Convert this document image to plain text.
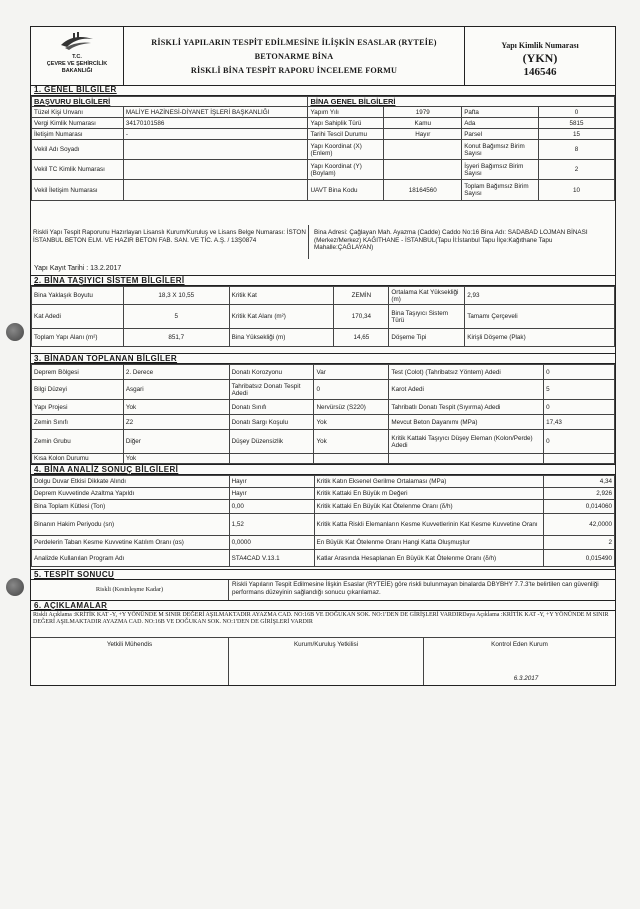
T.C.
ÇEVRE VE ŞEHİRCİLİK
BAKANLIĞI
RİSKLİ YAPILARIN TESPİT EDİLMESİNE İLİŞKİN ESASLAR (RYTEİE)
BETONARME BİNA
RİSKLİ BİNA TESPİT RAPORU İNCELEME FORMU
Yapı Kimlik Numarası
(YKN)
146546
1. GENEL BİLGİLER
BAŞVURU BİLGİLERİ		BİNA GENEL BİLGİLERİ			
Tüzel Kişi Unvanı	MALİYE HAZİNESİ-DİYANET İŞLERİ BAŞKANLIĞI	Yapım Yılı	1979	Pafta	0
Vergi Kimlik Numarası	34170101586	Yapı Sahiplik Türü	Kamu	Ada	5815
İletişim Numarası	-	Tarihi Tescil Durumu	Hayır	Parsel	15
Vekil Adı Soyadı		Yapı Koordinat (X) (Enlem)		Konut Bağımsız Birim Sayısı	8
Vekil TC Kimlik Numarası		Yapı Koordinat (Y) (Boylam)		İşyeri Bağımsız Birim Sayısı	2
Vekil İletişim Numarası		UAVT Bina Kodu	18164560	Toplam Bağımsız Birim Sayısı	10
Riskli Yapı Tespit Raporunu Hazırlayan Lisanslı Kurum/Kuruluş ve Lisans Belge Numarası: İSTON İSTANBUL BETON ELM. VE HAZIR BETON FAB. SAN. VE TİC. A.Ş. / 13Ş0874
Bina Adresi: Çağlayan Mah. Ayazma (Cadde) Caddo No:16 Bina Adı: SADABAD LOJMAN BİNASI (Merkez/Merkez) KAĞITHANE - İSTANBUL(Tapu İl:İstanbul Tapu İlçe:Kağıthane Tapu Mahalle:ÇAĞLAYAN)
Yapı Kayıt Tarihi : 13.2.2017
2. BİNA TAŞIYICI SİSTEM BİLGİLERİ
Bina Yaklaşık Boyutu	18,3 X 10,55	Kritik Kat	ZEMİN	Ortalama Kat Yüksekliği (m)	2,93
Kat Adedi	5	Kritik Kat Alanı (m²)	170,34	Bina Taşıyıcı Sistem Türü	Tamamı Çerçeveli
Toplam Yapı Alanı (m²)	851,7	Bina Yüksekliği (m)	14,65	Döşeme Tipi	Kirişli Döşeme (Plak)
3. BİNADAN TOPLANAN BİLGİLER
Deprem Bölgesi	2. Derece	Donatı Korozyonu	Var	Test (Colot) (Tahribatsız Yöntem) Adedi	0
Bilgi Düzeyi	Asgari	Tahribatsız Donatı Tespit Adedi	0	Karot Adedi	5
Yapı Projesi	Yok	Donatı Sınıfı	Nervürsüz (S220)	Tahribatlı Donatı Tespit (Sıyırma) Adedi	0
Zemin Sınıfı	Z2	Donatı Sargı Koşulu	Yok	Mevcut Beton Dayanımı (MPa)	17,43
Zemin Grubu	Diğer	Düşey Düzensizlik	Yok	Kritik Kattaki Taşıyıcı Düşey Eleman (Kolon/Perde) Adedi	0
Kısa Kolon Durumu	Yok				
4. BİNA ANALİZ SONUÇ BİLGİLERİ
Dolgu Duvar Etkisi Dikkate Alındı	Hayır	Kritik Katın Eksenel Gerilme Ortalaması (MPa)	4,34
Deprem Kuvvetinde Azaltma Yapıldı	Hayır	Kritik Kattaki En Büyük m Değeri	2,926
Bina Toplam Kütlesi (Ton)	0,00	Kritik Kattaki En Büyük Kat Ötelenme Oranı (δ/h)	0,014060
Binanın Hakim Periyodu (sn)	1,52	Kritik Katta Riskli Elemanların Kesme Kuvvetlerinin Kat Kesme Kuvvetine Oranı	42,0000
Perdelerin Taban Kesme Kuvvetine Katılım Oranı (αs)	0,0000	En Büyük Kat Ötelenme Oranı Hangi Katta Oluşmuştur	2
Analizde Kullanılan Program Adı	STA4CAD V.13.1	Katlar Arasında Hesaplanan En Büyük Kat Ötelenme Oranı (δ/h)	0,015490
5. TESPİT SONUCU
Riskli (Kesinleşme Kadar)
Riskli Yapıların Tespit Edilmesine İlişkin Esaslar (RYTEİE) göre riskli bulunmayan binalarda DBYBHY 7.7.3'te belirtilen can güvenliği performans düzeyinin sağlandığı sonucu çıkarılamaz.
6. AÇIKLAMALAR
Riskli Açıklama :KRİTİK KAT -Y, +Y YÖNÜNDE M SINIR DEĞERİ AŞILMAKTADIR AYAZMA CAD. NO:16B VE DOĞUKAN SOK. NO:1'DEN DE GİRİŞLERİ VARDIRDaya Açıklama :KRİTİK KAT -Y, +Y YÖNÜNDE M SINIR DEĞERİ AŞILMAKTADIR AYAZMA CAD. NO:16B VE DOĞUKAN SOK. NO:1'DEN DE GİRİŞLERİ VARDIR
Yetkili Mühendis	Kurum/Kuruluş Yetkilisi	Kontrol Eden Kurum
6.3.2017
